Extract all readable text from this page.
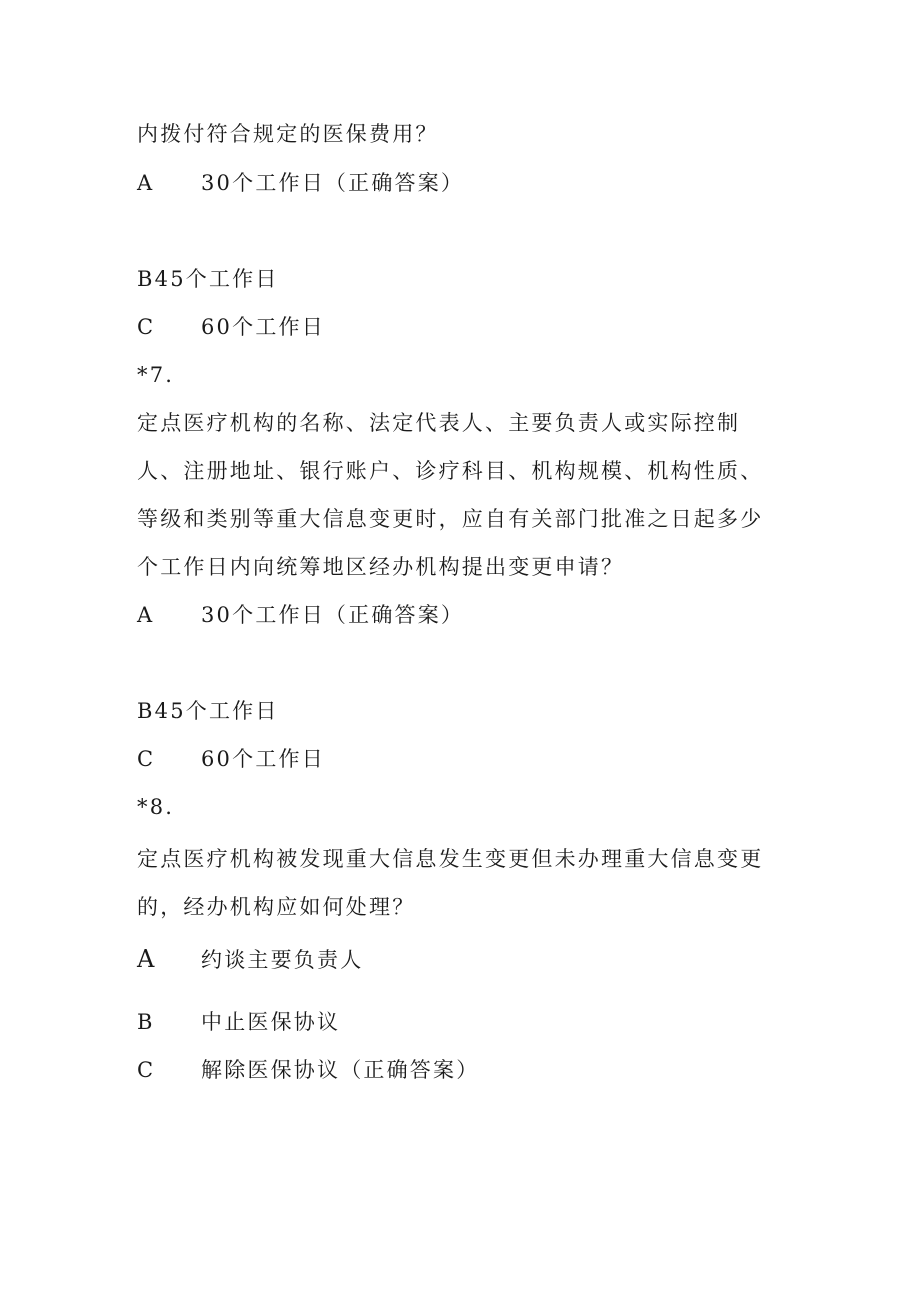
内拨付符合规定的医保费用？
A 30个工作日（正确答案）
B45个工作日
C 60个工作日
*7.
定点医疗机构的名称、法定代表人、主要负责人或实际控制
人、注册地址、银行账户、诊疗科目、机构规模、机构性质、
等级和类别等重大信息变更时，应自有关部门批准之日起多少
个工作日内向统筹地区经办机构提出变更申请？
A 30个工作日（正确答案）
B45个工作日
C 60个工作日
*8.
定点医疗机构被发现重大信息发生变更但未办理重大信息变更
的，经办机构应如何处理？
A 约谈主要负责人
B 中止医保协议
C 解除医保协议（正确答案）
